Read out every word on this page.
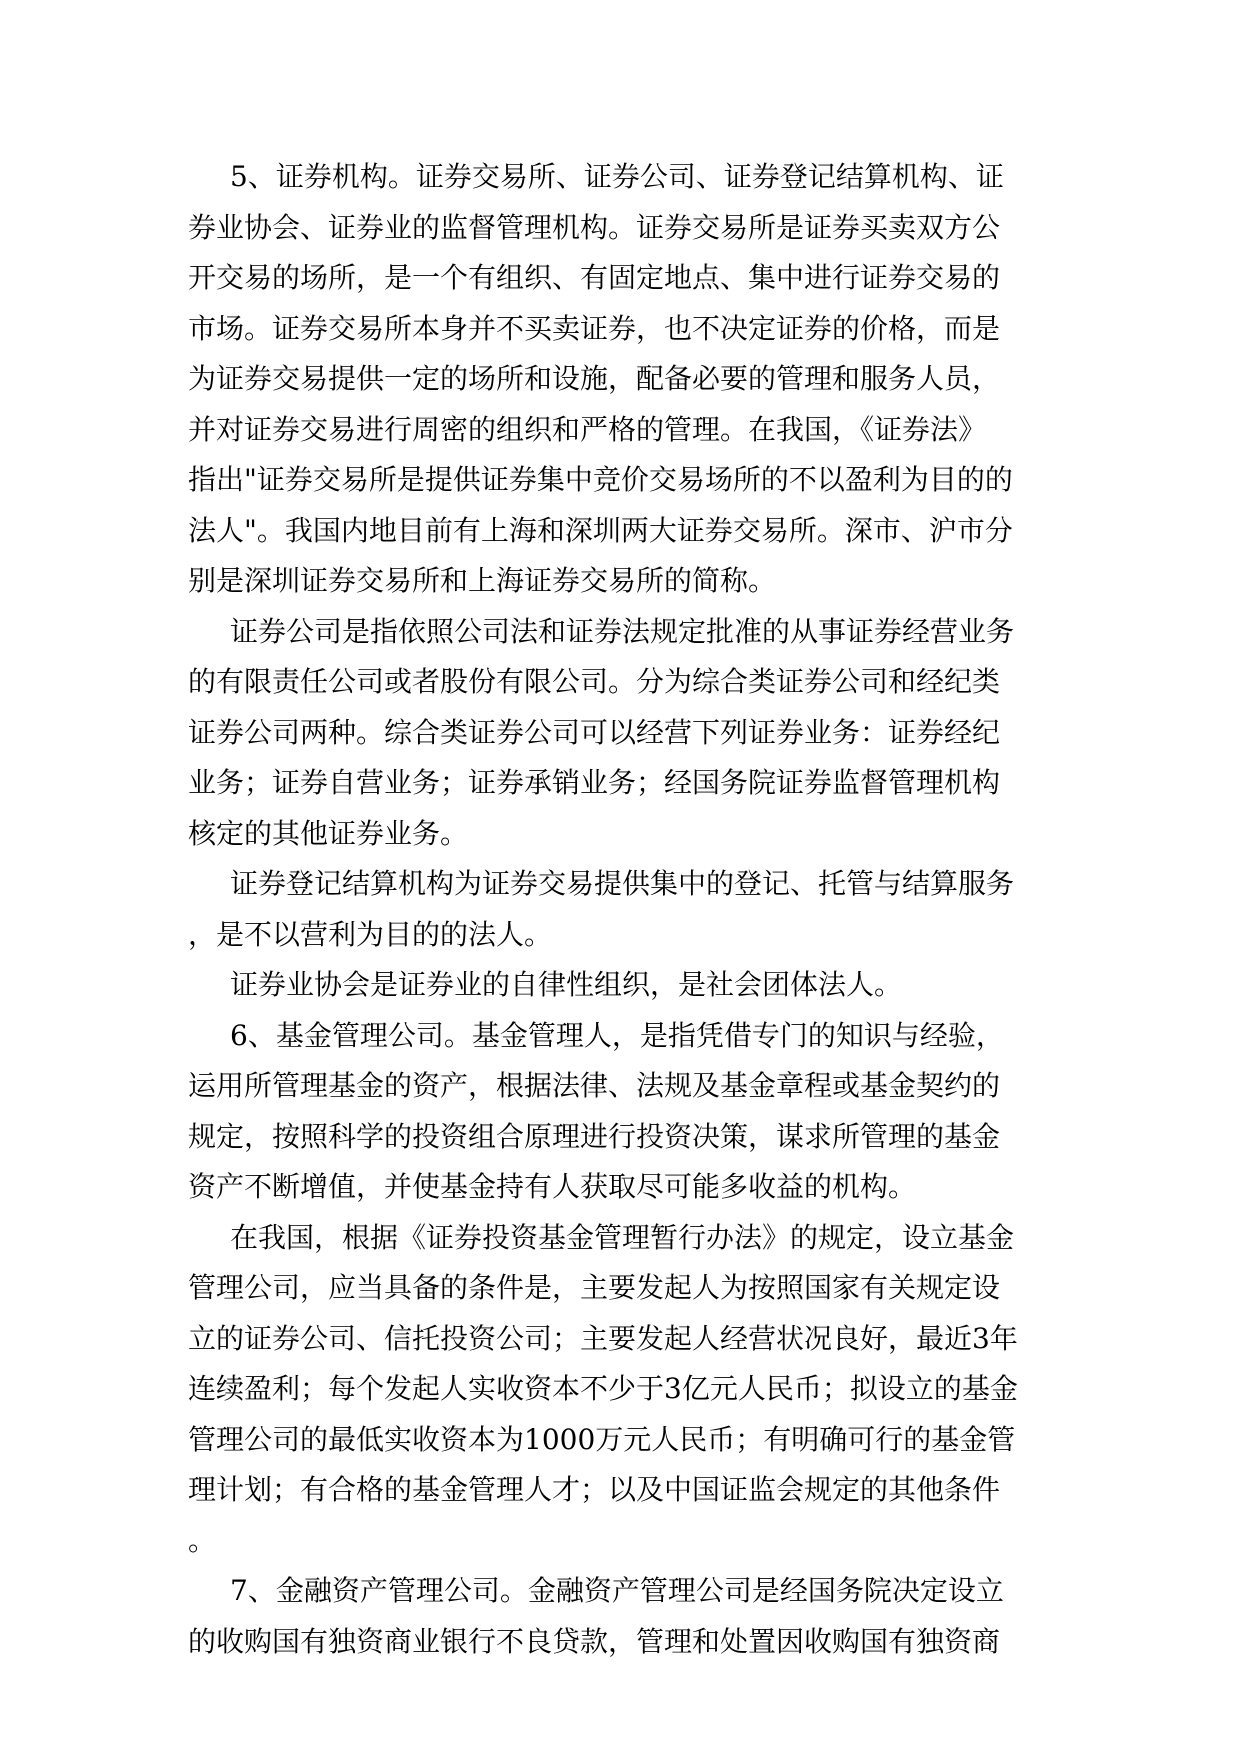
5、证券机构。证券交易所、证券公司、证券登记结算机构、证
券业协会、证券业的监督管理机构。证券交易所是证券买卖双方公
开交易的场所，是一个有组织、有固定地点、集中进行证券交易的
市场。证券交易所本身并不买卖证券，也不决定证券的价格，而是
为证券交易提供一定的场所和设施，配备必要的管理和服务人员，
并对证券交易进行周密的组织和严格的管理。在我国，《证券法》
指出"证券交易所是提供证券集中竞价交易场所的不以盈利为目的的
法人"。我国内地目前有上海和深圳两大证券交易所。深市、沪市分
别是深圳证券交易所和上海证券交易所的简称。
证券公司是指依照公司法和证券法规定批准的从事证券经营业务
的有限责任公司或者股份有限公司。分为综合类证券公司和经纪类
证券公司两种。综合类证券公司可以经营下列证券业务：证券经纪
业务；证券自营业务；证券承销业务；经国务院证券监督管理机构
核定的其他证券业务。
证券登记结算机构为证券交易提供集中的登记、托管与结算服务
，是不以营利为目的的法人。
证券业协会是证券业的自律性组织，是社会团体法人。
6、基金管理公司。基金管理人，是指凭借专门的知识与经验，
运用所管理基金的资产，根据法律、法规及基金章程或基金契约的
规定，按照科学的投资组合原理进行投资决策，谋求所管理的基金
资产不断增值，并使基金持有人获取尽可能多收益的机构。
在我国，根据《证券投资基金管理暂行办法》的规定，设立基金
管理公司，应当具备的条件是，主要发起人为按照国家有关规定设
立的证券公司、信托投资公司；主要发起人经营状况良好，最近3年
连续盈利；每个发起人实收资本不少于3亿元人民币；拟设立的基金
管理公司的最低实收资本为1000万元人民币；有明确可行的基金管
理计划；有合格的基金管理人才；以及中国证监会规定的其他条件
。
7、金融资产管理公司。金融资产管理公司是经国务院决定设立
的收购国有独资商业银行不良贷款，管理和处置因收购国有独资商
